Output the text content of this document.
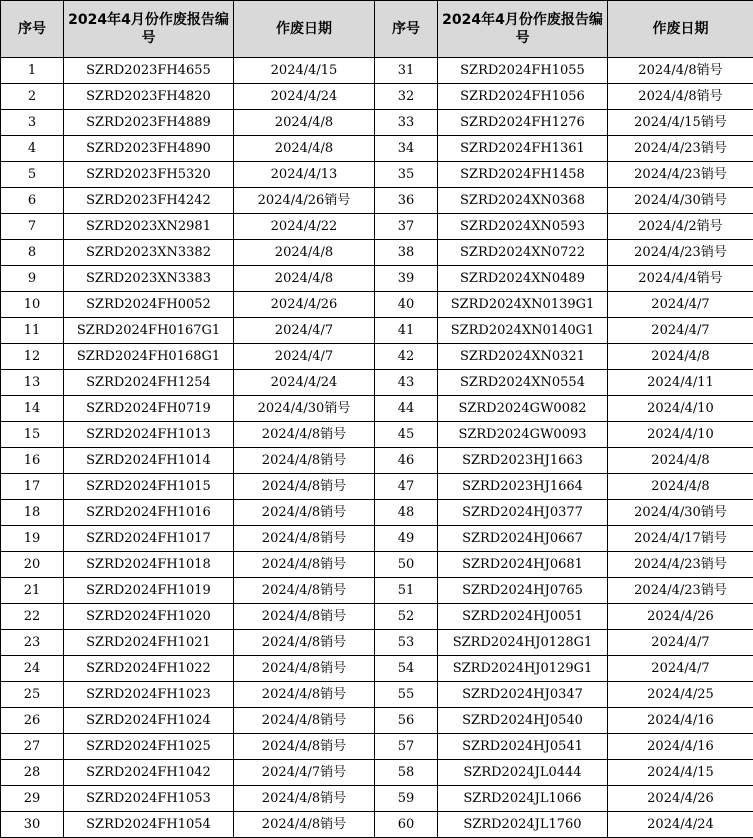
序号	2024年4月份作废报告编号	作废日期	序号	2024年4月份作废报告编号	作废日期
1	SZRD2023FH4655	2024/4/15	31	SZRD2024FH1055	2024/4/8销号
2	SZRD2023FH4820	2024/4/24	32	SZRD2024FH1056	2024/4/8销号
3	SZRD2023FH4889	2024/4/8	33	SZRD2024FH1276	2024/4/15销号
4	SZRD2023FH4890	2024/4/8	34	SZRD2024FH1361	2024/4/23销号
5	SZRD2023FH5320	2024/4/13	35	SZRD2024FH1458	2024/4/23销号
6	SZRD2023FH4242	2024/4/26销号	36	SZRD2024XN0368	2024/4/30销号
7	SZRD2023XN2981	2024/4/22	37	SZRD2024XN0593	2024/4/2销号
8	SZRD2023XN3382	2024/4/8	38	SZRD2024XN0722	2024/4/23销号
9	SZRD2023XN3383	2024/4/8	39	SZRD2024XN0489	2024/4/4销号
10	SZRD2024FH0052	2024/4/26	40	SZRD2024XN0139G1	2024/4/7
11	SZRD2024FH0167G1	2024/4/7	41	SZRD2024XN0140G1	2024/4/7
12	SZRD2024FH0168G1	2024/4/7	42	SZRD2024XN0321	2024/4/8
13	SZRD2024FH1254	2024/4/24	43	SZRD2024XN0554	2024/4/11
14	SZRD2024FH0719	2024/4/30销号	44	SZRD2024GW0082	2024/4/10
15	SZRD2024FH1013	2024/4/8销号	45	SZRD2024GW0093	2024/4/10
16	SZRD2024FH1014	2024/4/8销号	46	SZRD2023HJ1663	2024/4/8
17	SZRD2024FH1015	2024/4/8销号	47	SZRD2023HJ1664	2024/4/8
18	SZRD2024FH1016	2024/4/8销号	48	SZRD2024HJ0377	2024/4/30销号
19	SZRD2024FH1017	2024/4/8销号	49	SZRD2024HJ0667	2024/4/17销号
20	SZRD2024FH1018	2024/4/8销号	50	SZRD2024HJ0681	2024/4/23销号
21	SZRD2024FH1019	2024/4/8销号	51	SZRD2024HJ0765	2024/4/23销号
22	SZRD2024FH1020	2024/4/8销号	52	SZRD2024HJ0051	2024/4/26
23	SZRD2024FH1021	2024/4/8销号	53	SZRD2024HJ0128G1	2024/4/7
24	SZRD2024FH1022	2024/4/8销号	54	SZRD2024HJ0129G1	2024/4/7
25	SZRD2024FH1023	2024/4/8销号	55	SZRD2024HJ0347	2024/4/25
26	SZRD2024FH1024	2024/4/8销号	56	SZRD2024HJ0540	2024/4/16
27	SZRD2024FH1025	2024/4/8销号	57	SZRD2024HJ0541	2024/4/16
28	SZRD2024FH1042	2024/4/7销号	58	SZRD2024JL0444	2024/4/15
29	SZRD2024FH1053	2024/4/8销号	59	SZRD2024JL1066	2024/4/26
30	SZRD2024FH1054	2024/4/8销号	60	SZRD2024JL1760	2024/4/24
